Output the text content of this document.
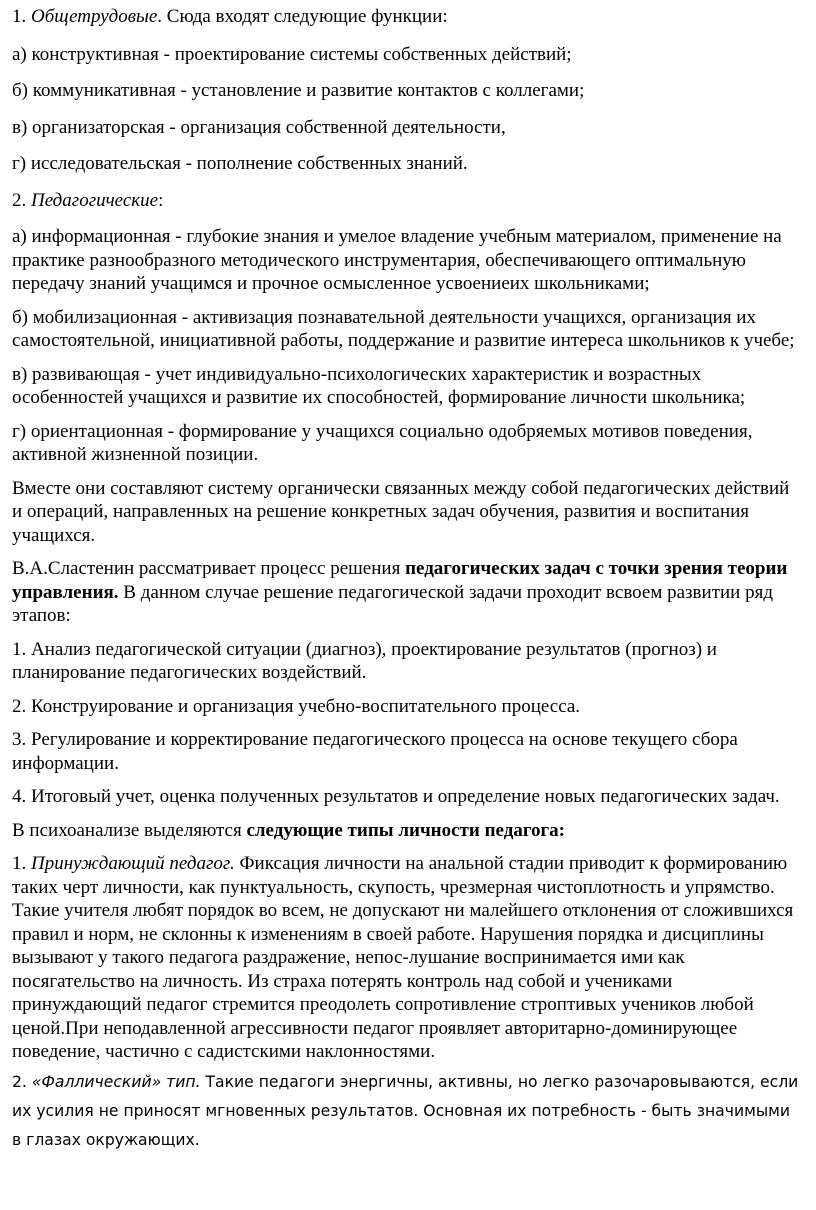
1. Общетрудовые. Сюда входят следующие функции:

а) конструктивная - проектирование системы собственных действий;

б) коммуникативная - установление и развитие контактов с коллегами;

в) организаторская - организация собственной деятельности,

г) исследовательская - пополнение собственных знаний.

2. Педагогические:

а) информационная - глубокие знания и умелое владение учебным материалом, применение на практике разнообразного методического инструментария, обеспечивающего оптимальную передачу знаний учащимся и прочное осмысленное усвоениеих школьниками;

б) мобилизационная - активизация познавательной деятельности учащихся, организация их самостоятельной, инициативной работы, поддержание и развитие интереса школьников к учебе;

в) развивающая - учет индивидуально-психологических характеристик и возрастных особенностей учащихся и развитие их способностей, формирование личности школьника;

г) ориентационная - формирование у учащихся социально одобряемых мотивов поведения, активной жизненной позиции.

Вместе они составляют систему органически связанных между собой педагогических действий и операций, направленных на решение конкретных задач обучения, развития и воспитания учащихся.

В.А.Сластенин рассматривает процесс решения педагогических задач с точки зрения теории управления. В данном случае решение педагогической задачи проходит всвоем развитии ряд этапов:

1. Анализ педагогической ситуации (диагноз), проектирование результатов (прогноз) и планирование педагогических воздействий.

2. Конструирование и организация учебно-воспитательного процесса.

3. Регулирование и корректирование педагогического процесса на основе текущего сбора информации.

4. Итоговый учет, оценка полученных результатов и определение новых педагогических задач.

В психоанализе выделяются следующие типы личности педагога:

1. Принуждающий педагог. Фиксация личности на анальной стадии приводит к формированию таких черт личности, как пунктуальность, скупость, чрезмерная чистоплотность и упрямство. Такие учителя любят порядок во всем, не допускают ни малейшего отклонения от сложившихся правил и норм, не склонны к изменениям в своей работе. Нарушения порядка и дисциплины вызывают у такого педагога раздражение, непос-лушание воспринимается ими как посягательство на личность. Из страха потерять контроль над собой и учениками принуждающий педагог стремится преодолеть сопротивление строптивых учеников любой ценой.При неподавленной агрессивности педагог проявляет авторитарно-доминирующее поведение, частично с садистскими наклонностями.

2. «Фаллический» тип. Такие педагоги энергичны, активны, но легко разочаровываются, если их усилия не приносят мгновенных результатов. Основная их потребность - быть значимыми в глазах окружающих.
